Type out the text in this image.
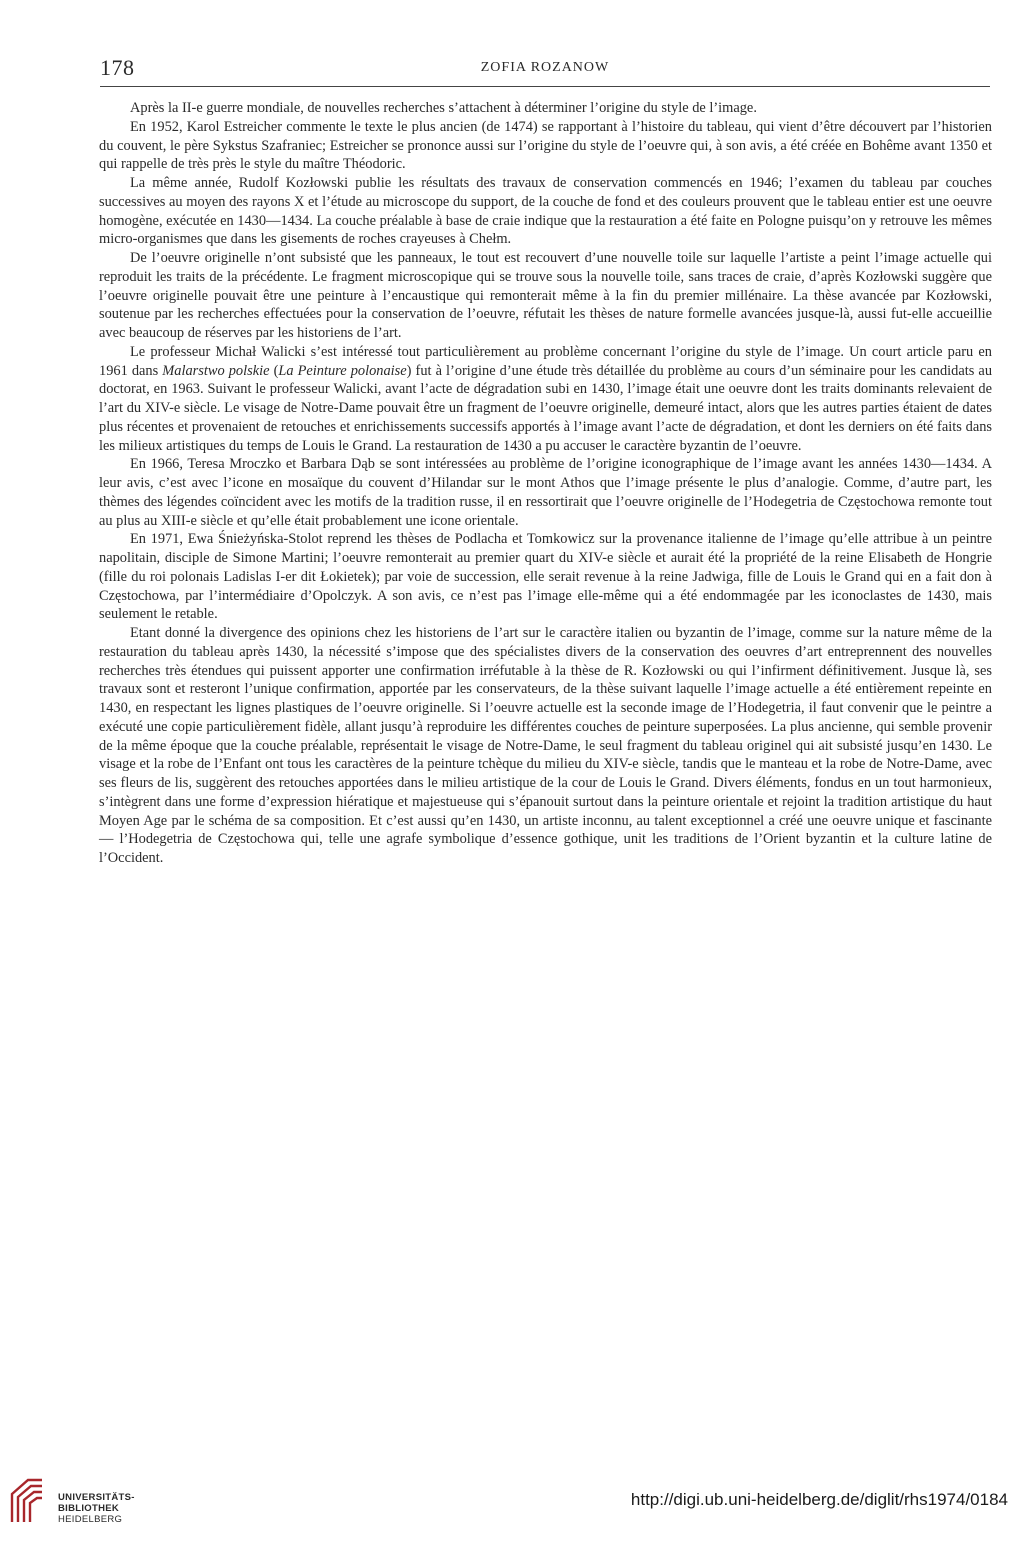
178	ZOFIA ROZANOW

Après la II-e guerre mondiale, de nouvelles recherches s’attachent à déterminer l’origine du style de l’image.

En 1952, Karol Estreicher commente le texte le plus ancien (de 1474) se rapportant à l’histoire du tableau, qui vient d’être découvert par l’historien du couvent, le père Sykstus Szafraniec; Estreicher se prononce aussi sur l’origine du style de l’oeuvre qui, à son avis, a été créée en Bohême avant 1350 et qui rappelle de très près le style du maître Théodoric.

La même année, Rudolf Kozłowski publie les résultats des travaux de conservation commencés en 1946; l’examen du tableau par couches successives au moyen des rayons X et l’étude au microscope du support, de la couche de fond et des couleurs prouvent que le tableau entier est une oeuvre homogène, exécutée en 1430—1434. La couche préalable à base de craie indique que la restauration a été faite en Pologne puisqu’on y retrouve les mêmes micro-organismes que dans les gisements de roches crayeuses à Chełm.

De l’oeuvre originelle n’ont subsisté que les panneaux, le tout est recouvert d’une nouvelle toile sur laquelle l’artiste a peint l’image actuelle qui reproduit les traits de la précédente. Le fragment microscopique qui se trouve sous la nouvelle toile, sans traces de craie, d’après Kozłowski suggère que l’oeuvre originelle pouvait être une peinture à l’encaustique qui remonterait même à la fin du premier millénaire. La thèse avancée par Kozłowski, soutenue par les recherches effectuées pour la conservation de l’oeuvre, réfutait les thèses de nature formelle avancées jusque-là, aussi fut-elle accueillie avec beaucoup de réserves par les historiens de l’art.

Le professeur Michał Walicki s’est intéressé tout particulièrement au problème concernant l’origine du style de l’image. Un court article paru en 1961 dans Malarstwo polskie (La Peinture polonaise) fut à l’origine d’une étude très détaillée du problème au cours d’un séminaire pour les candidats au doctorat, en 1963. Suivant le professeur Walicki, avant l’acte de dégradation subi en 1430, l’image était une oeuvre dont les traits dominants relevaient de l’art du XIV-e siècle. Le visage de Notre-Dame pouvait être un fragment de l’oeuvre originelle, demeuré intact, alors que les autres parties étaient de dates plus récentes et provenaient de retouches et enrichissements successifs apportés à l’image avant l’acte de dégradation, et dont les derniers on été faits dans les milieux artistiques du temps de Louis le Grand. La restauration de 1430 a pu accuser le caractère byzantin de l’oeuvre.

En 1966, Teresa Mroczko et Barbara Dąb se sont intéressées au problème de l’origine iconographique de l’image avant les années 1430—1434. A leur avis, c’est avec l’icone en mosaïque du couvent d’Hilandar sur le mont Athos que l’image présente le plus d’analogie. Comme, d’autre part, les thèmes des légendes coïncident avec les motifs de la tradition russe, il en ressortirait que l’oeuvre originelle de l’Hodegetria de Częstochowa remonte tout au plus au XIII-e siècle et qu’elle était probablement une icone orientale.

En 1971, Ewa Śnieżyńska-Stolot reprend les thèses de Podlacha et Tomkowicz sur la provenance italienne de l’image qu’elle attribue à un peintre napolitain, disciple de Simone Martini; l’oeuvre remonterait au premier quart du XIV-e siècle et aurait été la propriété de la reine Elisabeth de Hongrie (fille du roi polonais Ladislas I-er dit Łokietek); par voie de succession, elle serait revenue à la reine Jadwiga, fille de Louis le Grand qui en a fait don à Częstochowa, par l’intermédiaire d’Opolczyk. A son avis, ce n’est pas l’image elle-même qui a été endommagée par les iconoclastes de 1430, mais seulement le retable.

Etant donné la divergence des opinions chez les historiens de l’art sur le caractère italien ou byzantin de l’image, comme sur la nature même de la restauration du tableau après 1430, la nécessité s’impose que des spécialistes divers de la conservation des oeuvres d’art entreprennent des nouvelles recherches très étendues qui puissent apporter une confirmation irréfutable à la thèse de R. Kozłowski ou qui l’infirment définitivement. Jusque là, ses travaux sont et resteront l’unique confirmation, apportée par les conservateurs, de la thèse suivant laquelle l’image actuelle a été entièrement repeinte en 1430, en respectant les lignes plastiques de l’oeuvre originelle. Si l’oeuvre actuelle est la seconde image de l’Hodegetria, il faut convenir que le peintre a exécuté une copie particulièrement fidèle, allant jusqu’à reproduire les différentes couches de peinture superposées. La plus ancienne, qui semble provenir de la même époque que la couche préalable, représentait le visage de Notre-Dame, le seul fragment du tableau originel qui ait subsisté jusqu’en 1430. Le visage et la robe de l’Enfant ont tous les caractères de la peinture tchèque du milieu du XIV-e siècle, tandis que le manteau et la robe de Notre-Dame, avec ses fleurs de lis, suggèrent des retouches apportées dans le milieu artistique de la cour de Louis le Grand. Divers éléments, fondus en un tout harmonieux, s’intègrent dans une forme d’expression hiératique et majestueuse qui s’épanouit surtout dans la peinture orientale et rejoint la tradition artistique du haut Moyen Age par le schéma de sa composition. Et c’est aussi qu’en 1430, un artiste inconnu, au talent exceptionnel a créé une oeuvre unique et fascinante — l’Hodegetria de Częstochowa qui, telle une agrafe symbolique d’essence gothique, unit les traditions de l’Orient byzantin et la culture latine de l’Occident.

UNIVERSITÄTS-
BIBLIOTHEK
HEIDELBERG
http://digi.ub.uni-heidelberg.de/diglit/rhs1974/0184
